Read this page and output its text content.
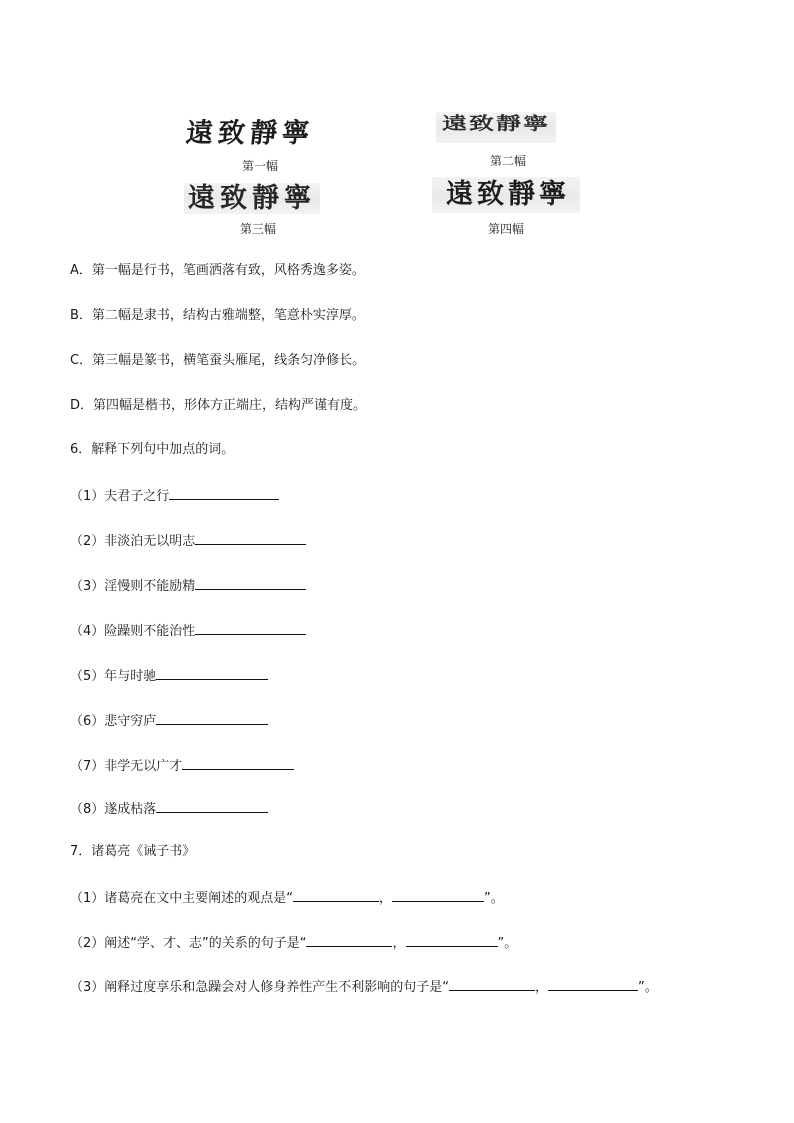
遠致靜寧
第一幅
遠致靜寧
第二幅
遠致靜寧
第三幅
遠致靜寧
第四幅
A．第一幅是行书，笔画洒落有致，风格秀逸多姿。
B．第二幅是隶书，结构古雅端整，笔意朴实淳厚。
C．第三幅是篆书，横笔蚕头雁尾，线条匀净修长。
D．第四幅是楷书，形体方正端庄，结构严谨有度。
6．解释下列句中加点的词。
（1）夫君子之行
（2）非淡泊无以明志
（3）淫慢则不能励精
（4）险躁则不能治性
（5）年与时驰
（6）悲守穷庐
（7）非学无以广才
（8）遂成枯落
7．诸葛亮《诫子书》
（1）诸葛亮在文中主要阐述的观点是“	，	”。
（2）阐述“学、才、志”的关系的句子是“	，	”。
（3）阐释过度享乐和急躁会对人修身养性产生不利影响的句子是“	，	”。
